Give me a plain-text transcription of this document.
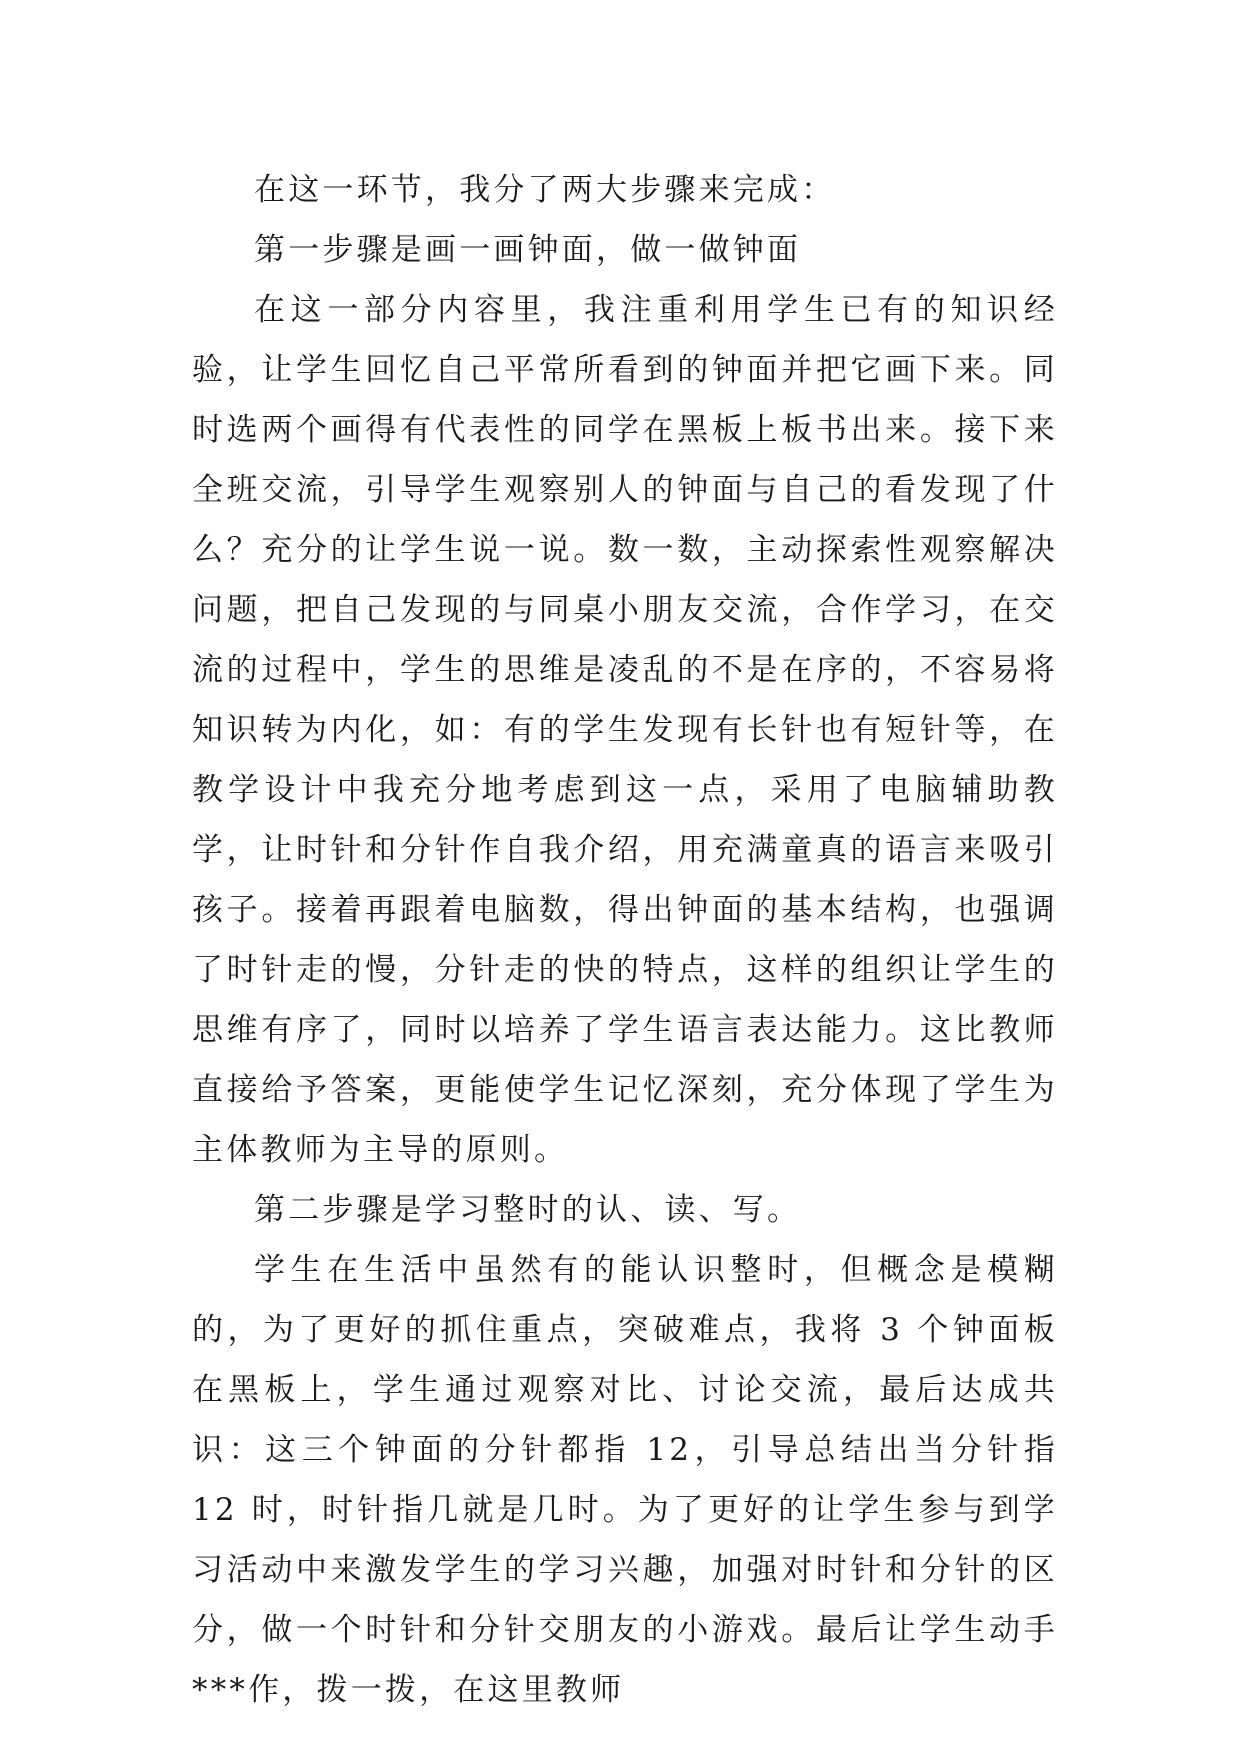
在这一环节，我分了两大步骤来完成：

第一步骤是画一画钟面，做一做钟面

在这一部分内容里，我注重利用学生已有的知识经验，让学生回忆自己平常所看到的钟面并把它画下来。同时选两个画得有代表性的同学在黑板上板书出来。接下来全班交流，引导学生观察别人的钟面与自己的看发现了什么？充分的让学生说一说。数一数，主动探索性观察解决问题，把自己发现的与同桌小朋友交流，合作学习，在交流的过程中，学生的思维是凌乱的不是在序的，不容易将知识转为内化，如：有的学生发现有长针也有短针等，在教学设计中我充分地考虑到这一点，采用了电脑辅助教学，让时针和分针作自我介绍，用充满童真的语言来吸引孩子。接着再跟着电脑数，得出钟面的基本结构，也强调了时针走的慢，分针走的快的特点，这样的组织让学生的思维有序了，同时以培养了学生语言表达能力。这比教师直接给予答案，更能使学生记忆深刻，充分体现了学生为主体教师为主导的原则。

第二步骤是学习整时的认、读、写。

学生在生活中虽然有的能认识整时，但概念是模糊的，为了更好的抓住重点，突破难点，我将 3 个钟面板在黑板上，学生通过观察对比、讨论交流，最后达成共识：这三个钟面的分针都指 12，引导总结出当分针指 12 时，时针指几就是几时。为了更好的让学生参与到学习活动中来激发学生的学习兴趣，加强对时针和分针的区分，做一个时针和分针交朋友的小游戏。最后让学生动手***作，拨一拨，在这里教师
